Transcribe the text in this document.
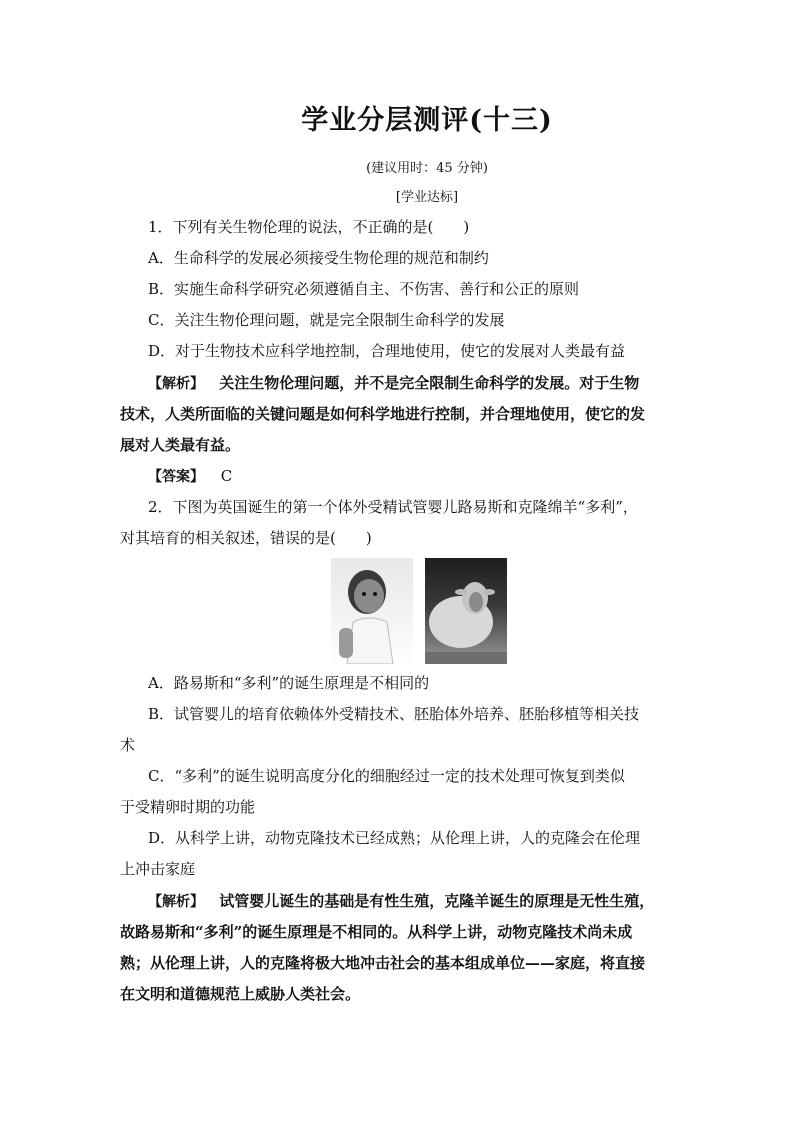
学业分层测评(十三)
(建议用时：45 分钟)
[学业达标]
1．下列有关生物伦理的说法，不正确的是(　　)
A．生命科学的发展必须接受生物伦理的规范和制约
B．实施生命科学研究必须遵循自主、不伤害、善行和公正的原则
C．关注生物伦理问题，就是完全限制生命科学的发展
D．对于生物技术应科学地控制，合理地使用，使它的发展对人类最有益
【解析】 关注生物伦理问题，并不是完全限制生命科学的发展。对于生物
技术，人类所面临的关键问题是如何科学地进行控制，并合理地使用，使它的发
展对人类最有益。
【答案】 C
2．下图为英国诞生的第一个体外受精试管婴儿路易斯和克隆绵羊“多利”，
对其培育的相关叙述，错误的是(　　)
A．路易斯和“多利”的诞生原理是不相同的
B．试管婴儿的培育依赖体外受精技术、胚胎体外培养、胚胎移植等相关技
术
C．“多利”的诞生说明高度分化的细胞经过一定的技术处理可恢复到类似
于受精卵时期的功能
D．从科学上讲，动物克隆技术已经成熟；从伦理上讲，人的克隆会在伦理
上冲击家庭
【解析】 试管婴儿诞生的基础是有性生殖，克隆羊诞生的原理是无性生殖，
故路易斯和“多利”的诞生原理是不相同的。从科学上讲，动物克隆技术尚未成
熟；从伦理上讲，人的克隆将极大地冲击社会的基本组成单位——家庭，将直接
在文明和道德规范上威胁人类社会。
